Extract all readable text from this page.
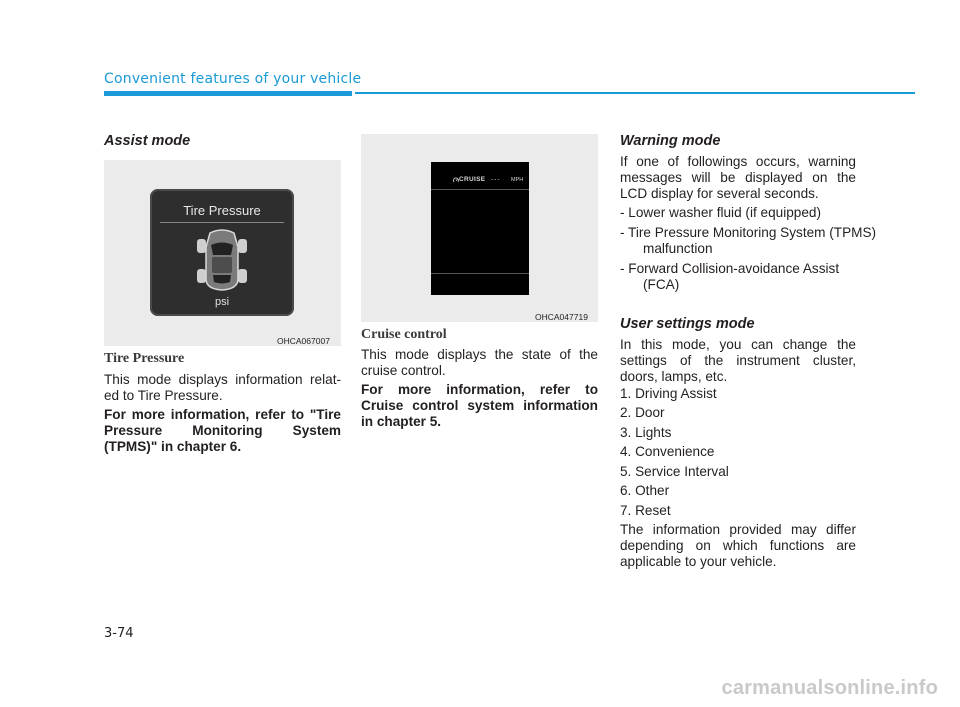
Convenient features of your vehicle
Assist mode
Tire Pressure
psi
OHCA067007
Tire Pressure

This mode displays information relat- ed to Tire Pressure.

For more information, refer to "Tire Pressure Monitoring System (TPMS)" in chapter 6.

CRUISE --- MPH
OHCA047719
Cruise control

This mode displays the state of the cruise control.

For more information, refer to Cruise control system information in chapter 5.

Warning mode

If one of followings occurs, warning messages will be displayed on the LCD display for several seconds.

- Lower washer fluid (if equipped)

- Tire Pressure Monitoring System (TPMS) malfunction

- Forward Collision-avoidance Assist (FCA)

User settings mode

In this mode, you can change the settings of the instrument cluster, doors, lamps, etc.

1. Driving Assist

2. Door

3. Lights

4. Convenience

5. Service Interval

6. Other

7. Reset

The information provided may differ depending on which functions are applicable to your vehicle.

3-74
carmanualsonline.info
